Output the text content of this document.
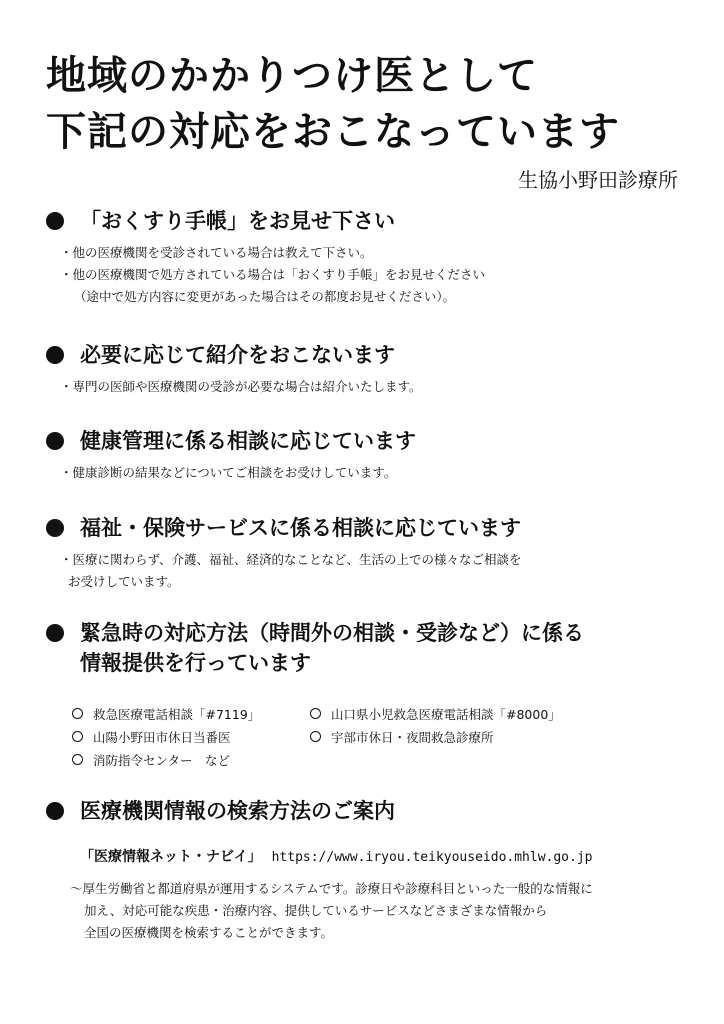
地域のかかりつけ医として
下記の対応をおこなっています
生協小野田診療所
「おくすり手帳」をお見せ下さい
・他の医療機関を受診されている場合は教えて下さい。
・他の医療機関で処方されている場合は「おくすり手帳」をお見せください
（途中で処方内容に変更があった場合はその都度お見せください）。
必要に応じて紹介をおこないます
・専門の医師や医療機関の受診が必要な場合は紹介いたします。
健康管理に係る相談に応じています
・健康診断の結果などについてご相談をお受けしています。
福祉・保険サービスに係る相談に応じています
・医療に関わらず、介護、福祉、経済的なことなど、生活の上での様々なご相談を
お受けしています。
緊急時の対応方法（時間外の相談・受診など）に係る
情報提供を行っています
救急医療電話相談「#7119」	山口県小児救急医療電話相談「#8000」
山陽小野田市休日当番医	宇部市休日・夜間救急診療所
消防指令センター　など
医療機関情報の検索方法のご案内
「医療情報ネット・ナビイ」 https://www.iryou.teikyouseido.mhlw.go.jp
～厚生労働省と都道府県が運用するシステムです。診療日や診療科目といった一般的な情報に
加え、対応可能な疾患・治療内容、提供しているサービスなどさまざまな情報から
全国の医療機関を検索することができます。
